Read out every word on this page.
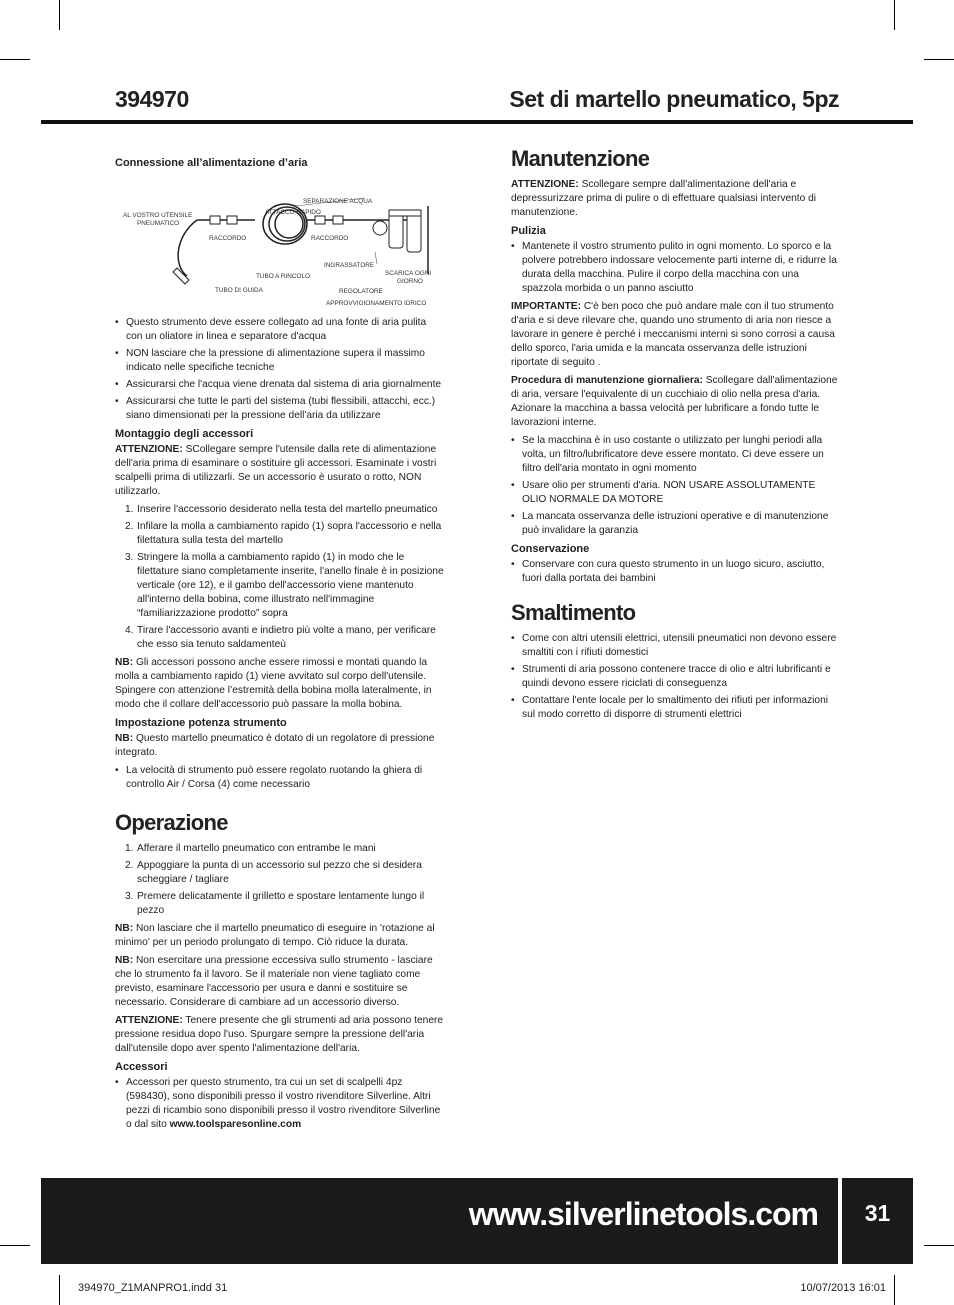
394970	Set di martello pneumatico, 5pz
Connessione all’alimentazione d’aria
SEPARAZIONE ACQUA
ATTACCO RAPIDO
AL VOSTRO UTENSILE
PNEUMATICO
RACCORDO	RACCORDO
INGRASSATORE
SCARICA OGNI
GIORNO
TUBO A RINCOLO
TUBO DI GUIDA	REGOLATORE
APPROVVIGIONAMENTO IDRICO
• Questo strumento deve essere collegato ad una fonte di aria pulita con un oliatore in linea e separatore d'acqua
• NON lasciare che la pressione di alimentazione supera il massimo indicato nelle specifiche tecniche
• Assicurarsi che l'acqua viene drenata dal sistema di aria giornalmente
• Assicurarsi che tutte le parti del sistema (tubi flessibili, attacchi, ecc.) siano dimensionati per la pressione dell'aria da utilizzare
Montaggio degli accessori

ATTENZIONE: SCollegare sempre l'utensile dalla rete di alimentazione dell'aria prima di esaminare o sostituire gli accessori. Esaminate i vostri scalpelli prima di utilizzarli. Se un accessorio è usurato o rotto, NON utilizzarlo.

1. Inserire l'accessorio desiderato nella testa del martello pneumatico
2. Infilare la molla a cambiamento rapido (1) sopra l'accessorio e nella filettatura sulla testa del martello
3. Stringere la molla a cambiamento rapido (1) in modo che le filettature siano completamente inserite, l'anello finale è in posizione verticale (ore 12), e il gambo dell'accessorio viene mantenuto all'interno della bobina, come illustrato nell'immagine “familiarizzazione prodotto” sopra
4. Tirare l'accessorio avanti e indietro più volte a mano, per verificare che esso sia tenuto saldamenteù

NB: Gli accessori possono anche essere rimossi e montati quando la molla a cambiamento rapido (1) viene avvitato sul corpo dell'utensile. Spingere con attenzione l’estremità della bobina molla lateralmente, in modo che il collare dell'accessorio può passare la molla bobina.

Impostazione potenza strumento

NB: Questo martello pneumatico è dotato di un regolatore di pressione integrato.

• La velocità di strumento può essere regolato ruotando la ghiera di controllo Air / Corsa (4) come necessario
Operazione
1. Afferare il martello pneumatico con entrambe le mani
2. Appoggiare la punta di un accessorio sul pezzo che si desidera scheggiare / tagliare
3. Premere delicatamente il grilletto e spostare lentamente lungo il pezzo

NB: Non lasciare che il martello pneumatico di eseguire in 'rotazione al minimo' per un periodo prolungato di tempo. Ciò riduce la durata.

NB: Non esercitare una pressione eccessiva sullo strumento - lasciare che lo strumento fa il lavoro. Se il materiale non viene tagliato come previsto, esaminare l'accessorio per usura e danni e sostituire se necessario. Considerare di cambiare ad un accessorio diverso.

ATTENZIONE: Tenere presente che gli strumenti ad aria possono tenere pressione residua dopo l'uso. Spurgare sempre la pressione dell'aria dall'utensile dopo aver spento l'alimentazione dell'aria.

Accessori
• Accessori per questo strumento, tra cui un set di scalpelli 4pz (598430), sono disponibili presso il vostro rivenditore Silverline. Altri pezzi di ricambio sono disponibili presso il vostro rivenditore Silverline o dal sito www.toolsparesonline.com
Manutenzione

ATTENZIONE: Scollegare sempre dall'alimentazione dell'aria e depressurizzare prima di pulire o di effettuare qualsiasi intervento di manutenzione.

Pulizia
• Mantenete il vostro strumento pulito in ogni momento. Lo sporco e la polvere potrebbero indossare velocemente parti interne di, e ridurre la durata della macchina. Pulire il corpo della macchina con una spazzola morbida o un panno asciutto

IMPORTANTE: C'è ben poco che può andare male con il tuo strumento d'aria e si deve rilevare che, quando uno strumento di aria non riesce a lavorare in genere è perché i meccanismi interni si sono corrosi a causa dello sporco, l'aria umida e la mancata osservanza delle istruzioni riportate di seguito .

Procedura di manutenzione giornaliera: Scollegare dall'alimentazione di aria, versare l'equivalente di un cucchiaio di olio nella presa d'aria. Azionare la macchina a bassa velocità per lubrificare a fondo tutte le lavorazioni interne.

• Se la macchina è in uso costante o utilizzato per lunghi periodi alla volta, un filtro/lubrificatore deve essere montato. Ci deve essere un filtro dell'aria montato in ogni momento
• Usare olio per strumenti d'aria. NON USARE ASSOLUTAMENTE OLIO NORMALE DA MOTORE
• La mancata osservanza delle istruzioni operative e di manutenzione può invalidare la garanzia
Conservazione
• Conservare con cura questo strumento in un luogo sicuro, asciutto, fuori dalla portata dei bambini
Smaltimento
• Come con altri utensili elettrici, utensili pneumatici non devono essere smaltiti con i rifiuti domestici
• Strumenti di aria possono contenere tracce di olio e altri lubrificanti e quindi devono essere riciclati di conseguenza
• Contattare l'ente locale per lo smaltimento dei rifiuti per informazioni sul modo corretto di disporre di strumenti elettrici
www.silverlinetools.com	31
394970_Z1MANPRO1.indd 31	10/07/2013 16:01
